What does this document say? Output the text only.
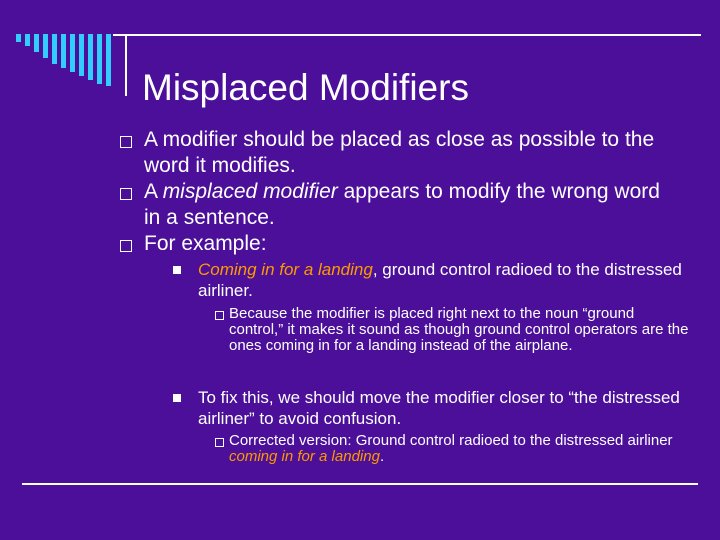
Misplaced Modifiers
A modifier should be placed as close as possible to the word it modifies.
A misplaced modifier appears to modify the wrong word in a sentence.
For example:
Coming in for a landing, ground control radioed to the distressed airliner.
Because the modifier is placed right next to the noun “ground control,” it makes it sound as though ground control operators are the ones coming in for a landing instead of the airplane.
To fix this, we should move the modifier closer to “the distressed airliner” to avoid confusion.
Corrected version: Ground control radioed to the distressed airliner coming in for a landing.
